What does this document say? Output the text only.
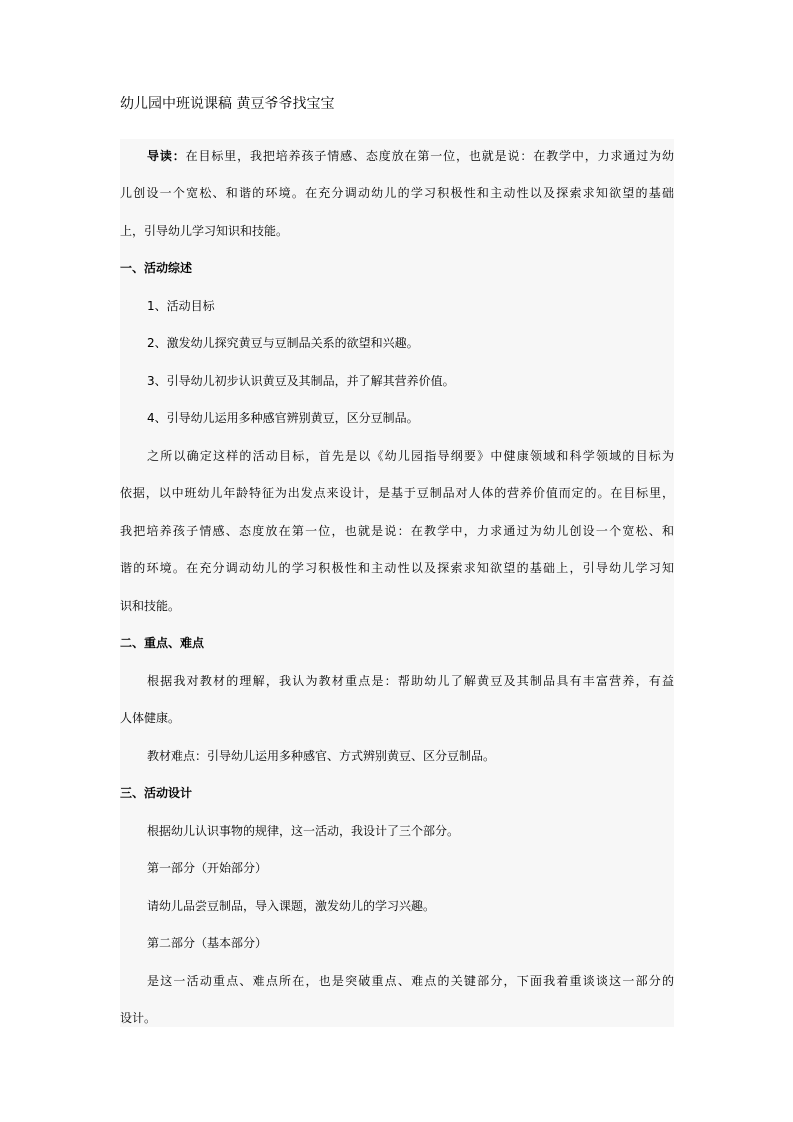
幼儿园中班说课稿 黄豆爷爷找宝宝
导读：在目标里，我把培养孩子情感、态度放在第一位，也就是说：在教学中，力求通过为幼
儿创设一个宽松、和谐的环境。在充分调动幼儿的学习积极性和主动性以及探索求知欲望的基础
上，引导幼儿学习知识和技能。
一、活动综述
1、活动目标
2、激发幼儿探究黄豆与豆制品关系的欲望和兴趣。
3、引导幼儿初步认识黄豆及其制品，并了解其营养价值。
4、引导幼儿运用多种感官辨别黄豆，区分豆制品。
之所以确定这样的活动目标，首先是以《幼儿园指导纲要》中健康领域和科学领域的目标为
依据，以中班幼儿年龄特征为出发点来设计，是基于豆制品对人体的营养价值而定的。在目标里，
我把培养孩子情感、态度放在第一位，也就是说：在教学中，力求通过为幼儿创设一个宽松、和
谐的环境。在充分调动幼儿的学习积极性和主动性以及探索求知欲望的基础上，引导幼儿学习知
识和技能。
二、重点、难点
根据我对教材的理解，我认为教材重点是：帮助幼儿了解黄豆及其制品具有丰富营养，有益
人体健康。
教材难点：引导幼儿运用多种感官、方式辨别黄豆、区分豆制品。
三、活动设计
根据幼儿认识事物的规律，这一活动，我设计了三个部分。
第一部分（开始部分）
请幼儿品尝豆制品，导入课题，激发幼儿的学习兴趣。
第二部分（基本部分）
是这一活动重点、难点所在，也是突破重点、难点的关键部分，下面我着重谈谈这一部分的
设计。
